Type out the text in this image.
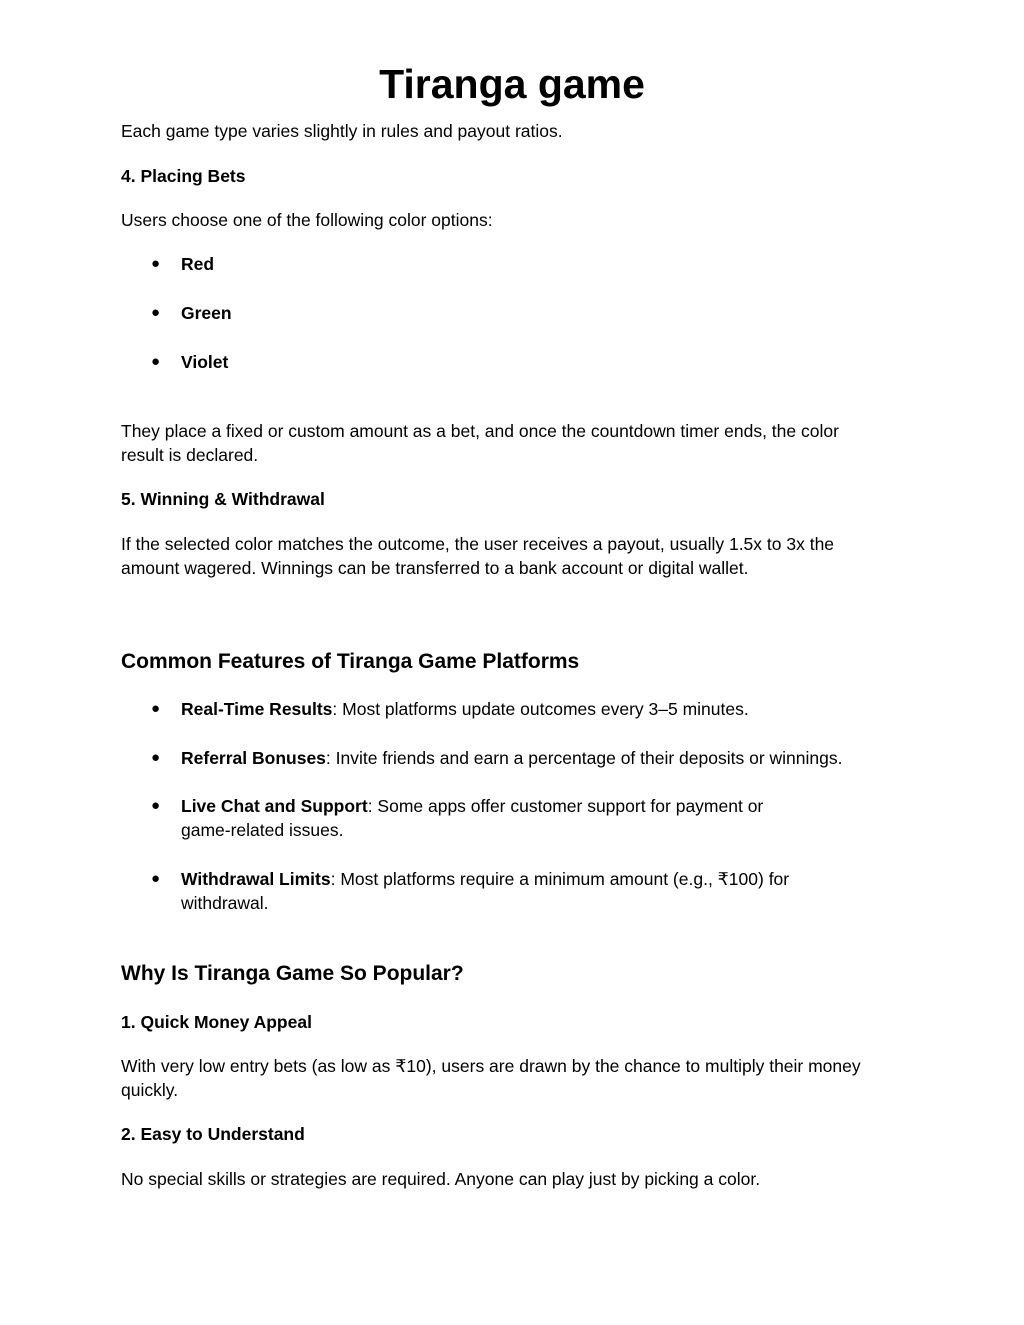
Tiranga game

Each game type varies slightly in rules and payout ratios.

4. Placing Bets

Users choose one of the following color options:

● Red

● Green

● Violet

They place a fixed or custom amount as a bet, and once the countdown timer ends, the color

result is declared.

5. Winning & Withdrawal

If the selected color matches the outcome, the user receives a payout, usually 1.5x to 3x the

amount wagered. Winnings can be transferred to a bank account or digital wallet.

Common Features of Tiranga Game Platforms

● Real-Time Results: Most platforms update outcomes every 3–5 minutes.

● Referral Bonuses: Invite friends and earn a percentage of their deposits or winnings.

● Live Chat and Support: Some apps offer customer support for payment or

game-related issues.

● Withdrawal Limits: Most platforms require a minimum amount (e.g., ₹100) for

withdrawal.

Why Is Tiranga Game So Popular?

1. Quick Money Appeal

With very low entry bets (as low as ₹10), users are drawn by the chance to multiply their money

quickly.

2. Easy to Understand

No special skills or strategies are required. Anyone can play just by picking a color.
